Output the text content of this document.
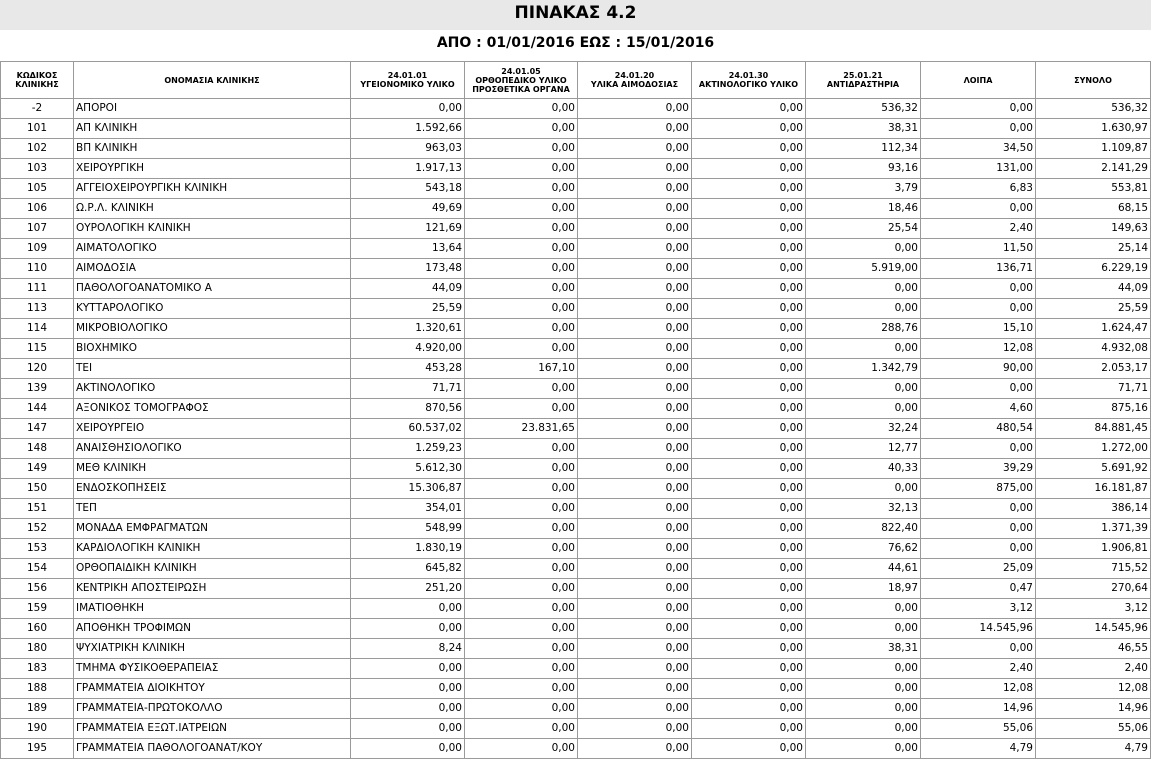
ΠΙΝΑΚΑΣ 4.2
ΑΠΟ : 01/01/2016 ΕΩΣ : 15/01/2016
ΚΩΔΙΚΟΣ
ΚΛΙΝΙΚΗΣ	ΟΝΟΜΑΣΙΑ ΚΛΙΝΙΚΗΣ	24.01.01
ΥΓΕΙΟΝΟΜΙΚΟ ΥΛΙΚΟ	24.01.05
ΟΡΘΟΠΕΔΙΚΟ ΥΛΙΚΟ
ΠΡΟΣΘΕΤΙΚΑ ΟΡΓΑΝΑ	24.01.20
ΥΛΙΚΑ ΑΙΜΟΔΟΣΙΑΣ	24.01.30
ΑΚΤΙΝΟΛΟΓΙΚΟ ΥΛΙΚΟ	25.01.21
ΑΝΤΙΔΡΑΣΤΗΡΙΑ	ΛΟΙΠΑ	ΣΥΝΟΛΟ

-2	ΑΠΟΡΟΙ	0,00	0,00	0,00	0,00	536,32	0,00	536,32
101	ΑΠ ΚΛΙΝΙΚΗ	1.592,66	0,00	0,00	0,00	38,31	0,00	1.630,97
102	ΒΠ ΚΛΙΝΙΚΗ	963,03	0,00	0,00	0,00	112,34	34,50	1.109,87
103	ΧΕΙΡΟΥΡΓΙΚΗ	1.917,13	0,00	0,00	0,00	93,16	131,00	2.141,29
105	ΑΓΓΕΙΟΧΕΙΡΟΥΡΓΙΚΗ ΚΛΙΝΙΚΗ	543,18	0,00	0,00	0,00	3,79	6,83	553,81
106	Ω.Ρ.Λ. ΚΛΙΝΙΚΗ	49,69	0,00	0,00	0,00	18,46	0,00	68,15
107	ΟΥΡΟΛΟΓΙΚΗ ΚΛΙΝΙΚΗ	121,69	0,00	0,00	0,00	25,54	2,40	149,63
109	ΑΙΜΑΤΟΛΟΓΙΚΟ	13,64	0,00	0,00	0,00	0,00	11,50	25,14
110	ΑΙΜΟΔΟΣΙΑ	173,48	0,00	0,00	0,00	5.919,00	136,71	6.229,19
111	ΠΑΘΟΛΟΓΟΑΝΑΤΟΜΙΚΟ Α	44,09	0,00	0,00	0,00	0,00	0,00	44,09
113	ΚΥΤΤΑΡΟΛΟΓΙΚΟ	25,59	0,00	0,00	0,00	0,00	0,00	25,59
114	ΜΙΚΡΟΒΙΟΛΟΓΙΚΟ	1.320,61	0,00	0,00	0,00	288,76	15,10	1.624,47
115	ΒΙΟΧΗΜΙΚΟ	4.920,00	0,00	0,00	0,00	0,00	12,08	4.932,08
120	ΤΕΙ	453,28	167,10	0,00	0,00	1.342,79	90,00	2.053,17
139	ΑΚΤΙΝΟΛΟΓΙΚΟ	71,71	0,00	0,00	0,00	0,00	0,00	71,71
144	ΑΞΟΝΙΚΟΣ ΤΟΜΟΓΡΑΦΟΣ	870,56	0,00	0,00	0,00	0,00	4,60	875,16
147	ΧΕΙΡΟΥΡΓΕΙΟ	60.537,02	23.831,65	0,00	0,00	32,24	480,54	84.881,45
148	ΑΝΑΙΣΘΗΣΙΟΛΟΓΙΚΟ	1.259,23	0,00	0,00	0,00	12,77	0,00	1.272,00
149	ΜΕΘ ΚΛΙΝΙΚΗ	5.612,30	0,00	0,00	0,00	40,33	39,29	5.691,92
150	ΕΝΔΟΣΚΟΠΗΣΕΙΣ	15.306,87	0,00	0,00	0,00	0,00	875,00	16.181,87
151	ΤΕΠ	354,01	0,00	0,00	0,00	32,13	0,00	386,14
152	ΜΟΝΑΔΑ ΕΜΦΡΑΓΜΑΤΩΝ	548,99	0,00	0,00	0,00	822,40	0,00	1.371,39
153	ΚΑΡΔΙΟΛΟΓΙΚΗ ΚΛΙΝΙΚΗ	1.830,19	0,00	0,00	0,00	76,62	0,00	1.906,81
154	ΟΡΘΟΠΑΙΔΙΚΗ ΚΛΙΝΙΚΗ	645,82	0,00	0,00	0,00	44,61	25,09	715,52
156	ΚΕΝΤΡΙΚΗ ΑΠΟΣΤΕΙΡΩΣΗ	251,20	0,00	0,00	0,00	18,97	0,47	270,64
159	ΙΜΑΤΙΟΘΗΚΗ	0,00	0,00	0,00	0,00	0,00	3,12	3,12
160	ΑΠΟΘΗΚΗ ΤΡΟΦΙΜΩΝ	0,00	0,00	0,00	0,00	0,00	14.545,96	14.545,96
180	ΨΥΧΙΑΤΡΙΚΗ ΚΛΙΝΙΚΗ	8,24	0,00	0,00	0,00	38,31	0,00	46,55
183	ΤΜΗΜΑ ΦΥΣΙΚΟΘΕΡΑΠΕΙΑΣ	0,00	0,00	0,00	0,00	0,00	2,40	2,40
188	ΓΡΑΜΜΑΤΕΙΑ ΔΙΟΙΚΗΤΟΥ	0,00	0,00	0,00	0,00	0,00	12,08	12,08
189	ΓΡΑΜΜΑΤΕΙΑ-ΠΡΩΤΟΚΟΛΛΟ	0,00	0,00	0,00	0,00	0,00	14,96	14,96
190	ΓΡΑΜΜΑΤΕΙΑ ΕΞΩΤ.ΙΑΤΡΕΙΩΝ	0,00	0,00	0,00	0,00	0,00	55,06	55,06
195	ΓΡΑΜΜΑΤΕΙΑ ΠΑΘΟΛΟΓΟΑΝΑΤ/ΚΟΥ	0,00	0,00	0,00	0,00	0,00	4,79	4,79
